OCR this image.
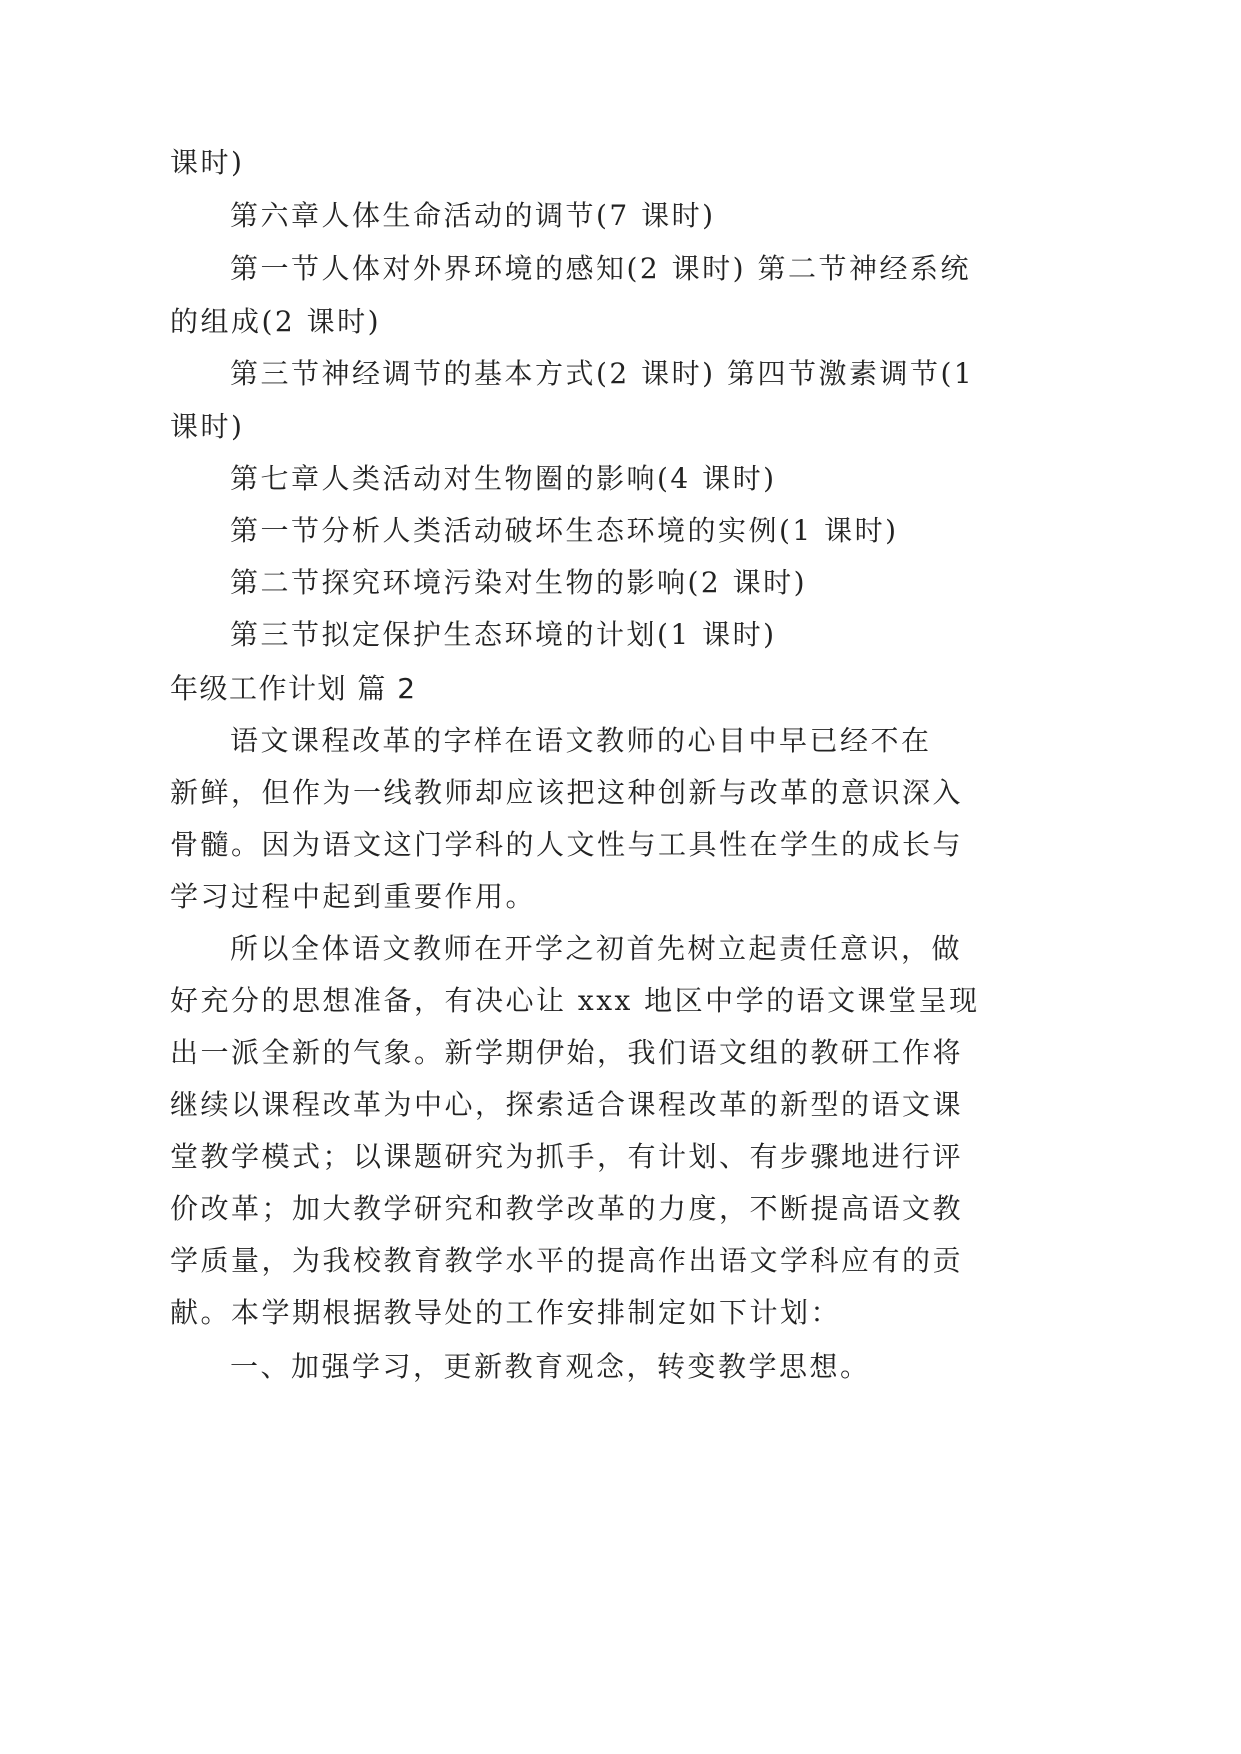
课时)

第六章人体生命活动的调节(7 课时)

第一节人体对外界环境的感知(2 课时) 第二节神经系统

的组成(2 课时)

第三节神经调节的基本方式(2 课时) 第四节激素调节(1

课时)

第七章人类活动对生物圈的影响(4 课时)

第一节分析人类活动破坏生态环境的实例(1 课时)

第二节探究环境污染对生物的影响(2 课时)

第三节拟定保护生态环境的计划(1 课时)

年级工作计划 篇 2

语文课程改革的字样在语文教师的心目中早已经不在

新鲜，但作为一线教师却应该把这种创新与改革的意识深入

骨髓。因为语文这门学科的人文性与工具性在学生的成长与

学习过程中起到重要作用。

所以全体语文教师在开学之初首先树立起责任意识，做

好充分的思想准备，有决心让 xxx 地区中学的语文课堂呈现

出一派全新的气象。新学期伊始，我们语文组的教研工作将

继续以课程改革为中心，探索适合课程改革的新型的语文课

堂教学模式；以课题研究为抓手，有计划、有步骤地进行评

价改革；加大教学研究和教学改革的力度，不断提高语文教

学质量，为我校教育教学水平的提高作出语文学科应有的贡

献。本学期根据教导处的工作安排制定如下计划：

一、加强学习，更新教育观念，转变教学思想。
